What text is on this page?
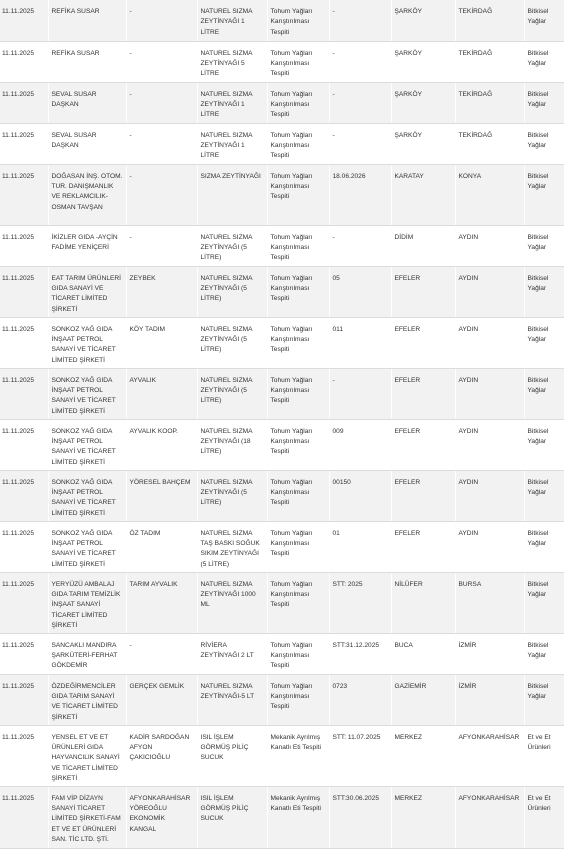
11.11.2025	REFİKA SUSAR	-	NATUREL SIZMA ZEYTİNYAĞI 1 LİTRE	Tohum Yağları Karıştırılması Tespiti	-	ŞARKÖY	TEKİRDAĞ	Bitkisel Yağlar
11.11.2025	REFİKA SUSAR	-	NATUREL SIZMA ZEYTİNYAĞI 5 LİTRE	Tohum Yağları Karıştırılması Tespiti	-	ŞARKÖY	TEKİRDAĞ	Bitkisel Yağlar
11.11.2025	SEVAL SUSAR DAŞKAN	-	NATUREL SIZMA ZEYTİNYAĞI 1 LİTRE	Tohum Yağları Karıştırılması Tespiti	-	ŞARKÖY	TEKİRDAĞ	Bitkisel Yağlar
11.11.2025	SEVAL SUSAR DAŞKAN	-	NATUREL SIZMA ZEYTİNYAĞI 1 LİTRE	Tohum Yağları Karıştırılması Tespiti	-	ŞARKÖY	TEKİRDAĞ	Bitkisel Yağlar
11.11.2025	DOĞASAN İNŞ. OTOM. TUR. DANIŞMANLIK VE REKLAMCILIK-OSMAN TAVŞAN	-	SIZMA ZEYTİNYAĞI	Tohum Yağları Karıştırılması Tespiti	18.06.2026	KARATAY	KONYA	Bitkisel Yağlar
11.11.2025	İKİZLER GIDA -AYÇİN FADİME YENİÇERİ	-	NATUREL SIZMA ZEYTİNYAĞI (5 LİTRE)	Tohum Yağları Karıştırılması Tespiti	-	DİDİM	AYDIN	Bitkisel Yağlar
11.11.2025	EAT TARIM ÜRÜNLERİ GIDA SANAYİ VE TİCARET LİMİTED ŞİRKETİ	ZEYBEK	NATUREL SIZMA ZEYTİNYAĞI (5 LİTRE)	Tohum Yağları Karıştırılması Tespiti	05	EFELER	AYDIN	Bitkisel Yağlar
11.11.2025	SONKOZ YAĞ GIDA İNŞAAT PETROL SANAYİ VE TİCARET LİMİTED ŞİRKETİ	KÖY TADIM	NATUREL SIZMA ZEYTİNYAĞI (5 LİTRE)	Tohum Yağları Karıştırılması Tespiti	011	EFELER	AYDIN	Bitkisel Yağlar
11.11.2025	SONKOZ YAĞ GIDA İNŞAAT PETROL SANAYİ VE TİCARET LİMİTED ŞİRKETİ	AYVALIK	NATUREL SIZMA ZEYTİNYAĞI (5 LİTRE)	Tohum Yağları Karıştırılması Tespiti	-	EFELER	AYDIN	Bitkisel Yağlar
11.11.2025	SONKOZ YAĞ GIDA İNŞAAT PETROL SANAYİ VE TİCARET LİMİTED ŞİRKETİ	AYVALIK KOOP.	NATUREL SIZMA ZEYTİNYAĞI (18 LİTRE)	Tohum Yağları Karıştırılması Tespiti	009	EFELER	AYDIN	Bitkisel Yağlar
11.11.2025	SONKOZ YAĞ GIDA İNŞAAT PETROL SANAYİ VE TİCARET LİMİTED ŞİRKETİ	YÖRESEL BAHÇEM	NATUREL SIZMA ZEYTİNYAĞI (5 LİTRE)	Tohum Yağları Karıştırılması Tespiti	00150	EFELER	AYDIN	Bitkisel Yağlar
11.11.2025	SONKOZ YAĞ GIDA İNŞAAT PETROL SANAYİ VE TİCARET LİMİTED ŞİRKETİ	ÖZ TADIM	NATUREL SIZMA TAŞ BASKI SOĞUK SIKIM ZEYTİNYAĞI (5 LİTRE)	Tohum Yağları Karıştırılması Tespiti	01	EFELER	AYDIN	Bitkisel Yağlar
11.11.2025	YERYÜZÜ AMBALAJ GIDA TARIM TEMİZLİK İNŞAAT SANAYİ TİCARET LİMİTED ŞİRKETİ	TARIM AYVALIK	NATUREL SIZMA ZEYTİNYAĞI 1000 ML	Tohum Yağları Karıştırılması Tespiti	STT: 2025	NİLÜFER	BURSA	Bitkisel Yağlar
11.11.2025	SANCAKLI MANDIRA ŞARKÜTERİ-FERHAT GÖKDEMİR	-	RİVİERA ZEYTİNYAĞI 2 LT	Tohum Yağları Karıştırılması Tespiti	STT:31.12.2025	BUCA	İZMİR	Bitkisel Yağlar
11.11.2025	ÖZDEĞİRMENCİLER GIDA TARIM SANAYİ VE TİCARET LİMİTED ŞİRKETİ	GERÇEK GEMLİK	NATUREL SIZMA ZEYTİNYAĞI-5 LT	Tohum Yağları Karıştırılması Tespiti	0723	GAZİEMİR	İZMİR	Bitkisel Yağlar
11.11.2025	YENSEL ET VE ET ÜRÜNLERİ GIDA HAYVANCILIK SANAYİ VE TİCARET LİMİTED ŞİRKETİ	KADİR SARDOĞAN AFYON ÇAKICIOĞLU	ISIL İŞLEM GÖRMÜŞ PİLİÇ SUCUK	Mekanik Ayrılmış Kanatlı Eti Tespiti	STT: 11.07.2025	MERKEZ	AFYONKARAHİSAR	Et ve Et Ürünleri
11.11.2025	FAM VİP DİZAYN SANAYİ TİCARET LİMİTED ŞİRKETİ-FAM ET VE ET ÜRÜNLERİ SAN. TİC LTD. ŞTİ.	AFYONKARAHİSAR YÖREOĞLU EKONOMİK KANGAL	ISIL İŞLEM GÖRMÜŞ PİLİÇ SUCUK	Mekanik Ayrılmış Kanatlı Eti Tespiti	STT:30.06.2025	MERKEZ	AFYONKARAHİSAR	Et ve Et Ürünleri
